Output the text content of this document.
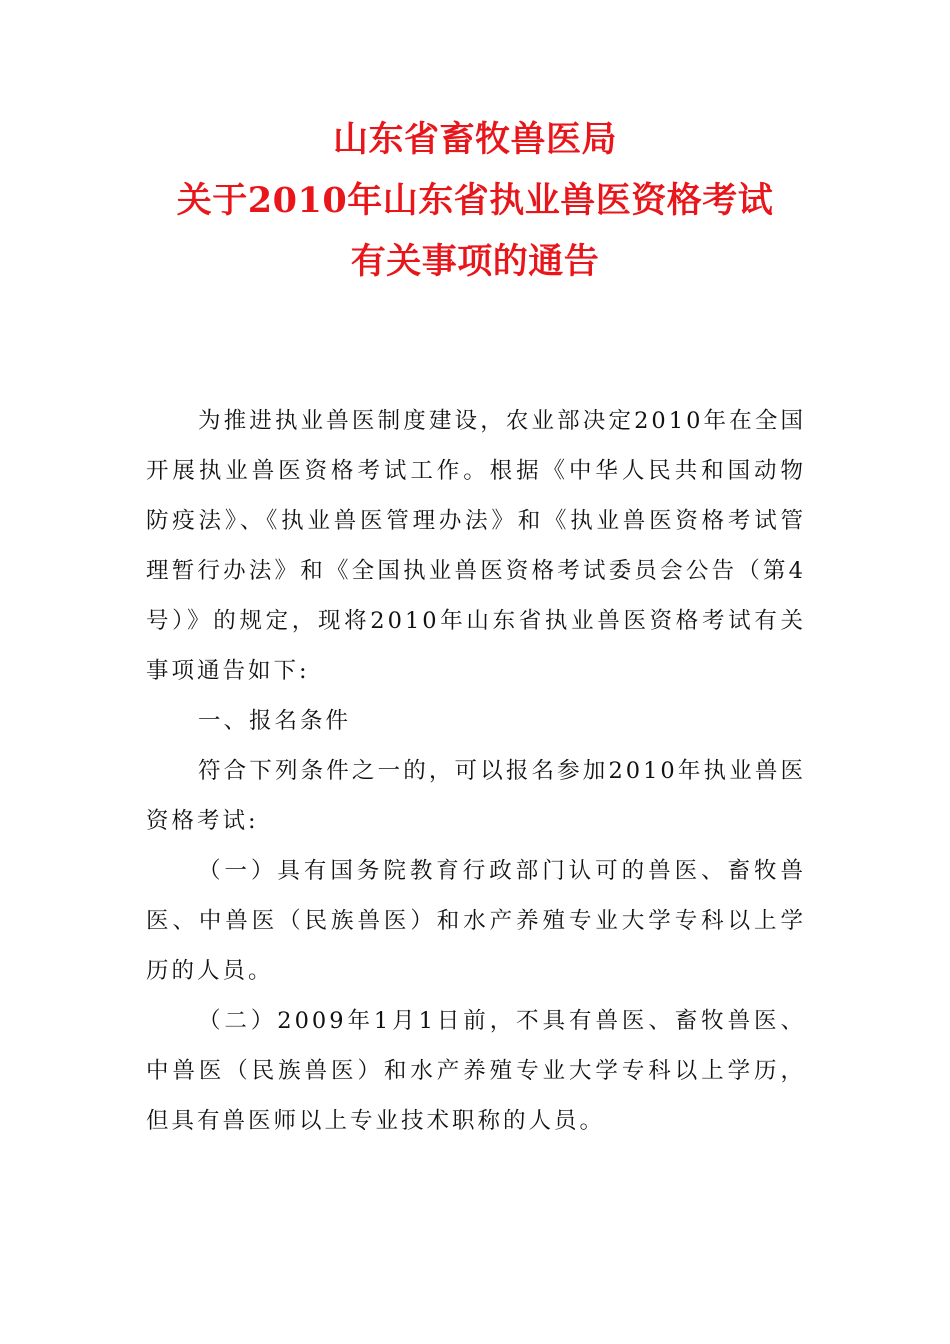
山东省畜牧兽医局
关于2010年山东省执业兽医资格考试
有关事项的通告

为推进执业兽医制度建设，农业部决定2010年在全国开展执业兽医资格考试工作。根据《中华人民共和国动物防疫法》、《执业兽医管理办法》和《执业兽医资格考试管理暂行办法》和《全国执业兽医资格考试委员会公告（第4号）》的规定，现将2010年山东省执业兽医资格考试有关事项通告如下:

一、报名条件

符合下列条件之一的，可以报名参加2010年执业兽医资格考试:

（一）具有国务院教育行政部门认可的兽医、畜牧兽医、中兽医（民族兽医）和水产养殖专业大学专科以上学历的人员。

（二）2009年1月1日前，不具有兽医、畜牧兽医、中兽医（民族兽医）和水产养殖专业大学专科以上学历，但具有兽医师以上专业技术职称的人员。
